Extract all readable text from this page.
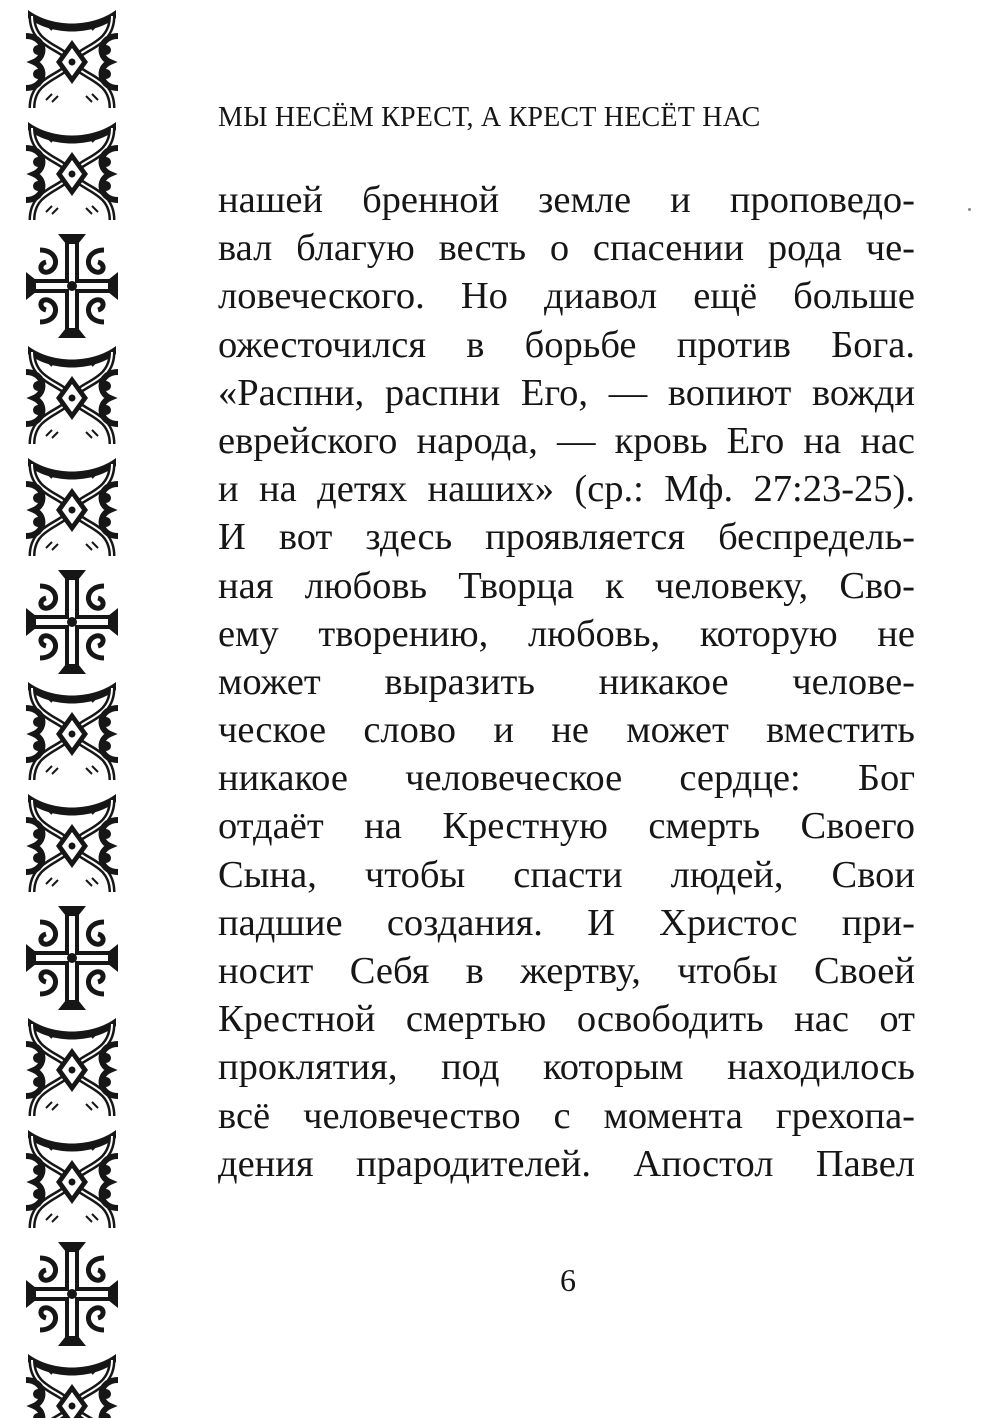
МЫ НЕСЁМ КРЕСТ, А КРЕСТ НЕСЁТ НАС
нашей бренной земле и проповедо-
вал благую весть о спасении рода че-
ловеческого. Но диавол ещё больше
ожесточился в борьбе против Бога.
«Распни, распни Его, — вопиют вожди
еврейского народа, — кровь Его на нас
и на детях наших» (ср.: Мф. 27:23-25).
И вот здесь проявляется беспредель-
ная любовь Творца к человеку, Сво-
ему творению, любовь, которую не
может выразить никакое челове-
ческое слово и не может вместить
никакое человеческое сердце: Бог
отдаёт на Крестную смерть Своего
Сына, чтобы спасти людей, Свои
падшие создания. И Христос при-
носит Себя в жертву, чтобы Своей
Крестной смертью освободить нас от
проклятия, под которым находилось
всё человечество с момента грехопа-
дения прародителей. Апостол Павел
6
